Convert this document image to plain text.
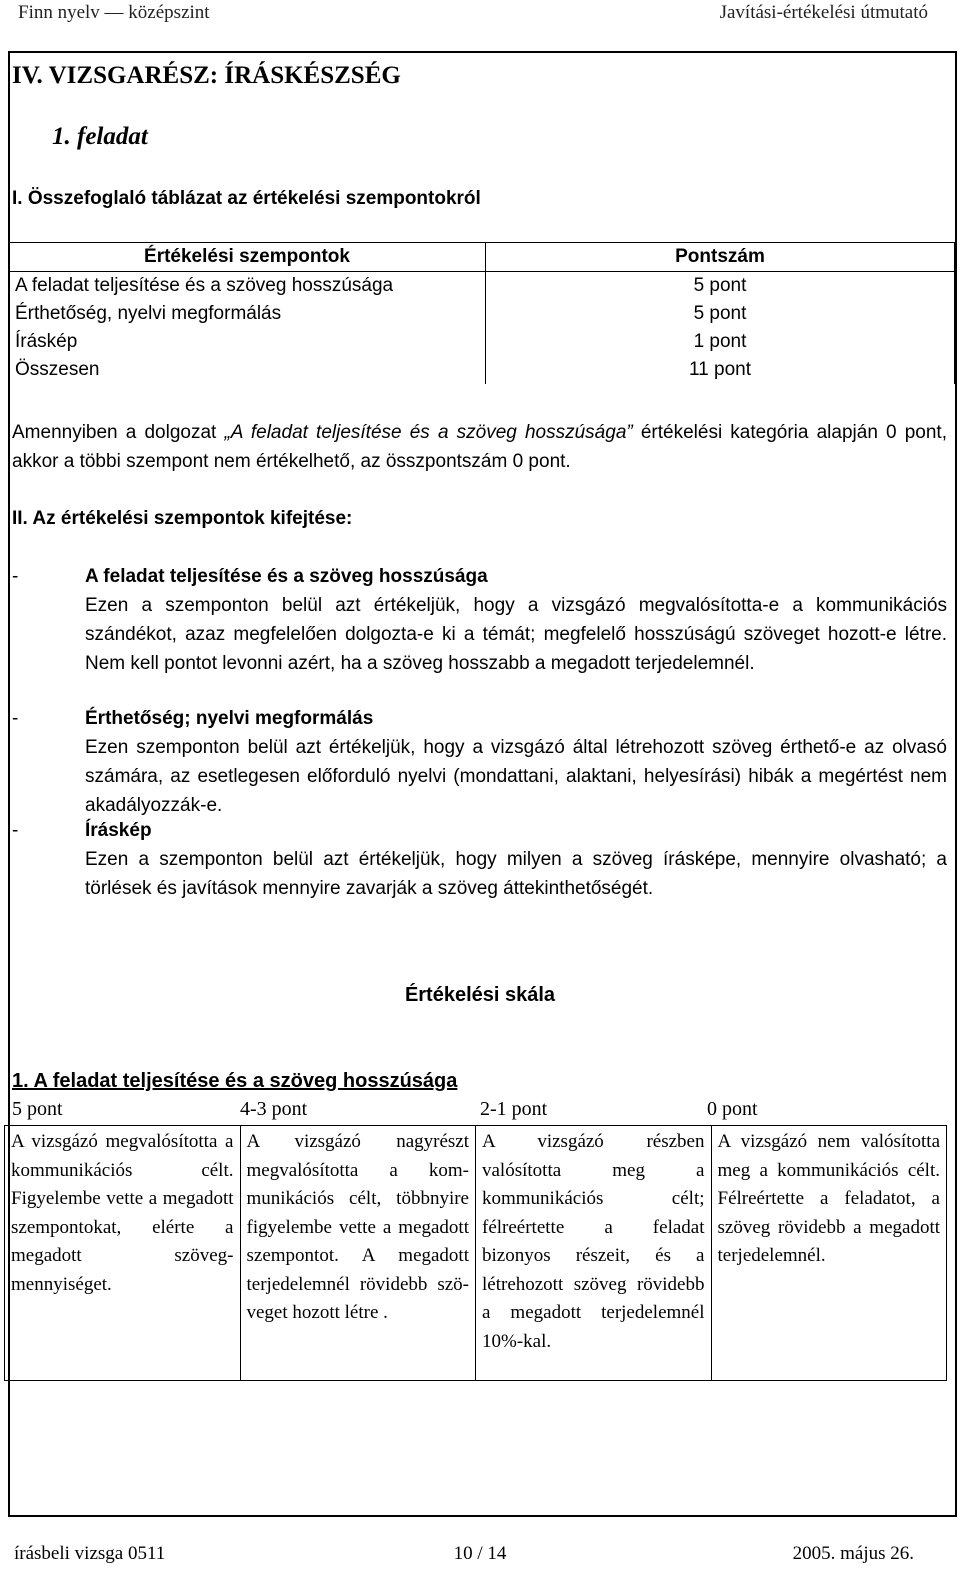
Finn nyelv — középszint	Javítási-értékelési útmutató
IV. VIZSGARÉSZ: ÍRÁSKÉSZSÉG
1. feladat
I. Összefoglaló táblázat az értékelési szempontokról
Értékelési szempontok	Pontszám
A feladat teljesítése és a szöveg hosszúsága	5 pont
Érthetőség, nyelvi megformálás	5 pont
Íráskép	1 pont
Összesen	11 pont
Amennyiben a dolgozat „A feladat teljesítése és a szöveg hosszúsága” értékelési kategória alapján 0 pont, akkor a többi szempont nem értékelhető, az összpontszám 0 pont.
II. Az értékelési szempontok kifejtése:
-	A feladat teljesítése és a szöveg hosszúsága
Ezen a szemponton belül azt értékeljük, hogy a vizsgázó megvalósította-e a kommunikációs szándékot, azaz megfelelően dolgozta-e ki a témát; megfelelő hosszúságú szöveget hozott-e létre. Nem kell pontot levonni azért, ha a szöveg hosszabb a megadott terjedelemnél.
-	Érthetőség; nyelvi megformálás
Ezen szemponton belül azt értékeljük, hogy a vizsgázó által létrehozott szöveg érthető-e az olvasó számára, az esetlegesen előforduló nyelvi (mondattani, alaktani, helyesírási) hibák a megértést nem akadályozzák-e.
-	Íráskép
Ezen a szemponton belül azt értékeljük, hogy milyen a szöveg írásképe, mennyire olvasható; a törlések és javítások mennyire zavarják a szöveg áttekinthetőségét.
Értékelési skála
1. A feladat teljesítése és a szöveg hosszúsága
5 pont	4-3 pont	2-1 pont	0 pont
A vizsgázó megvalósította a kommunikációs célt. Figyelembe vette a megadott szempontokat, elérte a megadott szövegmennyiséget.	A vizsgázó nagyrészt megvalósította a kommunikációs célt, többnyire figyelembe vette a megadott szempontot. A megadott terjedelemnél rövidebb szöveget hozott létre .	A vizsgázó részben valósította meg a kommunikációs célt; félreértette a feladat bizonyos részeit, és a létrehozott szöveg rövidebb a megadott terjedelemnél 10%-kal.	A vizsgázó nem valósította meg a kommunikációs célt. Félreértette a feladatot, a szöveg rövidebb a megadott terjedelemnél.
írásbeli vizsga 0511	10 / 14	2005. május 26.
